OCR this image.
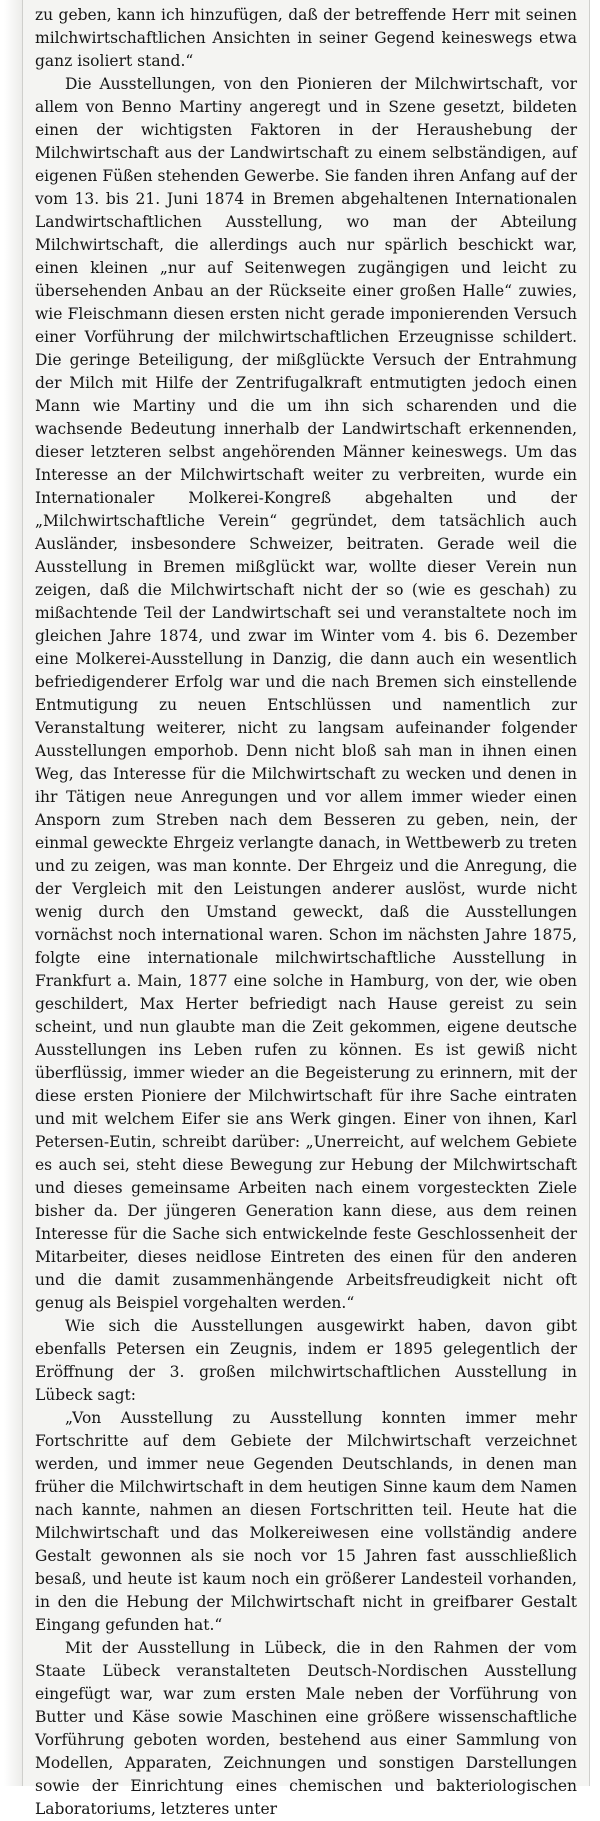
zu geben, kann ich hinzufügen, daß der betreffende Herr mit seinen milchwirtschaftlichen Ansichten in seiner Gegend keineswegs etwa ganz isoliert stand.“

Die Ausstellungen, von den Pionieren der Milchwirtschaft, vor allem von Benno Martiny angeregt und in Szene gesetzt, bildeten einen der wichtigsten Faktoren in der Heraushebung der Milchwirtschaft aus der Landwirtschaft zu einem selbständigen, auf eigenen Füßen stehenden Gewerbe. Sie fanden ihren Anfang auf der vom 13. bis 21. Juni 1874 in Bremen abgehaltenen Internationalen Landwirtschaftlichen Ausstellung, wo man der Abteilung Milchwirtschaft, die allerdings auch nur spärlich beschickt war, einen kleinen „nur auf Seitenwegen zugängigen und leicht zu übersehenden Anbau an der Rückseite einer großen Halle“ zuwies, wie Fleischmann diesen ersten nicht gerade imponierenden Versuch einer Vorführung der milchwirtschaftlichen Erzeugnisse schildert. Die geringe Beteiligung, der mißglückte Versuch der Entrahmung der Milch mit Hilfe der Zentrifugalkraft entmutigten jedoch einen Mann wie Martiny und die um ihn sich scharenden und die wachsende Bedeutung innerhalb der Landwirtschaft erkennenden, dieser letzteren selbst angehörenden Männer keineswegs. Um das Interesse an der Milchwirtschaft weiter zu verbreiten, wurde ein Internationaler Molkerei-Kongreß abgehalten und der „Milchwirtschaftliche Verein“ gegründet, dem tatsächlich auch Ausländer, insbesondere Schweizer, beitraten. Gerade weil die Ausstellung in Bremen mißglückt war, wollte dieser Verein nun zeigen, daß die Milchwirtschaft nicht der so (wie es geschah) zu mißachtende Teil der Landwirtschaft sei und veranstaltete noch im gleichen Jahre 1874, und zwar im Winter vom 4. bis 6. Dezember eine Molkerei-Ausstellung in Danzig, die dann auch ein wesentlich befriedigenderer Erfolg war und die nach Bremen sich einstellende Entmutigung zu neuen Entschlüssen und namentlich zur Veranstaltung weiterer, nicht zu langsam aufeinander folgender Ausstellungen emporhob. Denn nicht bloß sah man in ihnen einen Weg, das Interesse für die Milchwirtschaft zu wecken und denen in ihr Tätigen neue Anregungen und vor allem immer wieder einen Ansporn zum Streben nach dem Besseren zu geben, nein, der einmal geweckte Ehrgeiz verlangte danach, in Wettbewerb zu treten und zu zeigen, was man konnte. Der Ehrgeiz und die Anregung, die der Vergleich mit den Leistungen anderer auslöst, wurde nicht wenig durch den Umstand geweckt, daß die Ausstellungen vornächst noch international waren. Schon im nächsten Jahre 1875, folgte eine internationale milchwirtschaftliche Ausstellung in Frankfurt a. Main, 1877 eine solche in Hamburg, von der, wie oben geschildert, Max Herter befriedigt nach Hause gereist zu sein scheint, und nun glaubte man die Zeit gekommen, eigene deutsche Ausstellungen ins Leben rufen zu können. Es ist gewiß nicht überflüssig, immer wieder an die Begeisterung zu erinnern, mit der diese ersten Pioniere der Milchwirtschaft für ihre Sache eintraten und mit welchem Eifer sie ans Werk gingen. Einer von ihnen, Karl Petersen-Eutin, schreibt darüber: „Unerreicht, auf welchem Gebiete es auch sei, steht diese Bewegung zur Hebung der Milchwirtschaft und dieses gemeinsame Arbeiten nach einem vorgesteckten Ziele bisher da. Der jüngeren Generation kann diese, aus dem reinen Interesse für die Sache sich entwickelnde feste Geschlossenheit der Mitarbeiter, dieses neidlose Eintreten des einen für den anderen und die damit zusammenhängende Arbeitsfreudigkeit nicht oft genug als Beispiel vorgehalten werden.“

Wie sich die Ausstellungen ausgewirkt haben, davon gibt ebenfalls Petersen ein Zeugnis, indem er 1895 gelegentlich der Eröffnung der 3. großen milchwirtschaftlichen Ausstellung in Lübeck sagt:

„Von Ausstellung zu Ausstellung konnten immer mehr Fortschritte auf dem Gebiete der Milchwirtschaft verzeichnet werden, und immer neue Gegenden Deutschlands, in denen man früher die Milchwirtschaft in dem heutigen Sinne kaum dem Namen nach kannte, nahmen an diesen Fortschritten teil. Heute hat die Milchwirtschaft und das Molkereiwesen eine vollständig andere Gestalt gewonnen als sie noch vor 15 Jahren fast ausschließlich besaß, und heute ist kaum noch ein größerer Landesteil vorhanden, in den die Hebung der Milchwirtschaft nicht in greifbarer Gestalt Eingang gefunden hat.“

Mit der Ausstellung in Lübeck, die in den Rahmen der vom Staate Lübeck veranstalteten Deutsch-Nordischen Ausstellung eingefügt war, war zum ersten Male neben der Vorführung von Butter und Käse sowie Maschinen eine größere wissenschaftliche Vorführung geboten worden, bestehend aus einer Sammlung von Modellen, Apparaten, Zeichnungen und sonstigen Darstellungen sowie der Einrichtung eines chemischen und bakteriologischen Laboratoriums, letzteres unter
